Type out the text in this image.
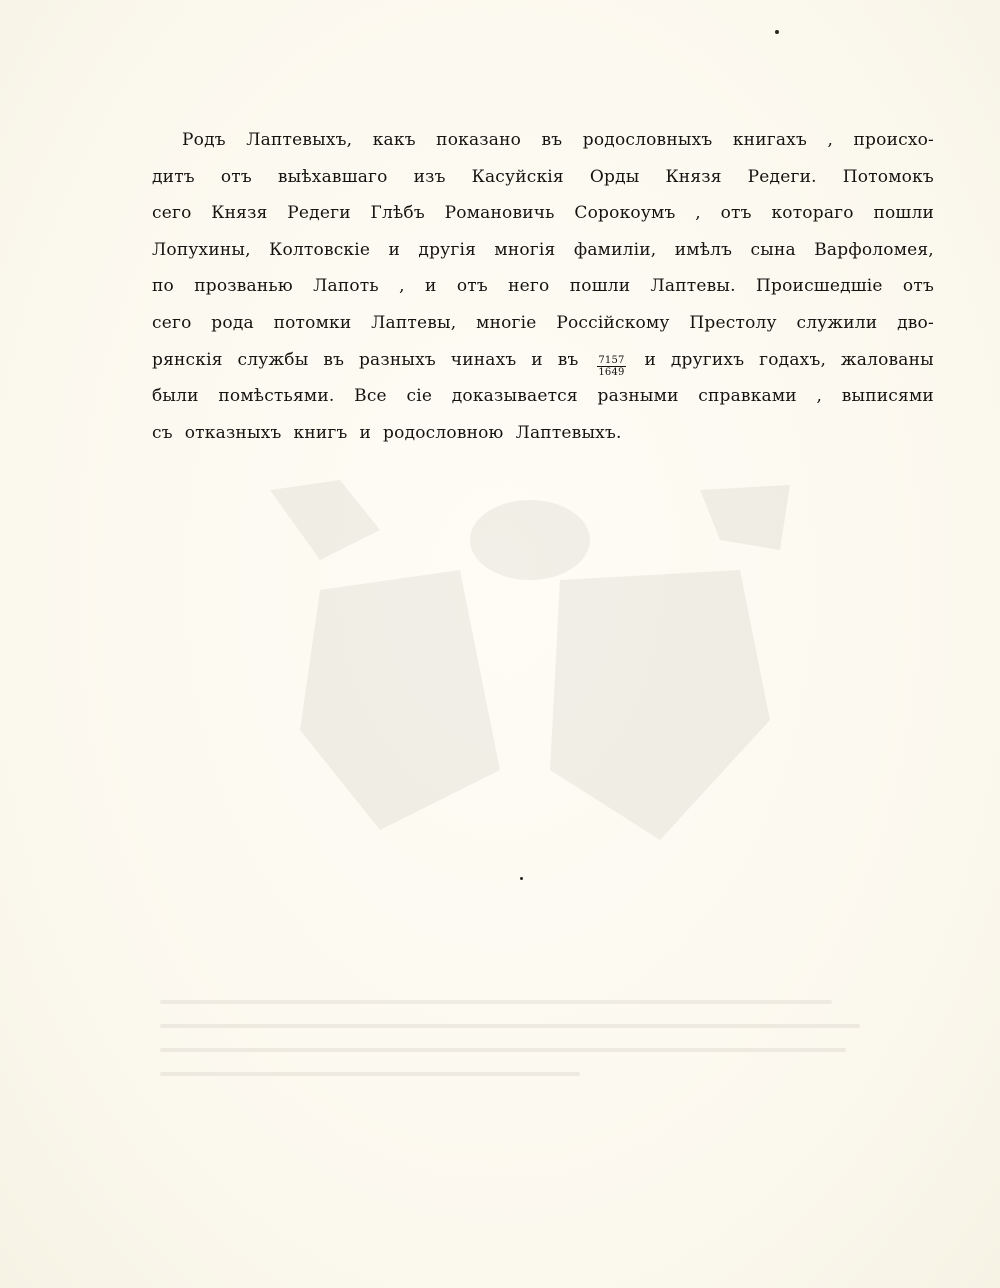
Родъ Лаптевыхъ, какъ показано въ родословныхъ книгахъ , происхо-
дитъ отъ выѣхавшаго изъ Касуйскія Орды Князя Редеги. Потомокъ
сего Князя Редеги Глѣбъ Романовичь Сорокоумъ , отъ котораго пошли
Лопухины, Колтовскіе и другія многія фамиліи, имѣлъ сына Варфоломея,
по прозванью Лапоть , и отъ него пошли Лаптевы. Происшедшіе отъ
сего рода потомки Лаптевы, многіе Россійскому Престолу служили дво-
рянскія службы въ разныхъ чинахъ и въ $\frac{7157}{1649}$ и другихъ годахъ, жалованы
были помѣстьями. Все сіе доказывается разными справками , выписями
съ отказныхъ книгъ и родословною Лаптевыхъ.
